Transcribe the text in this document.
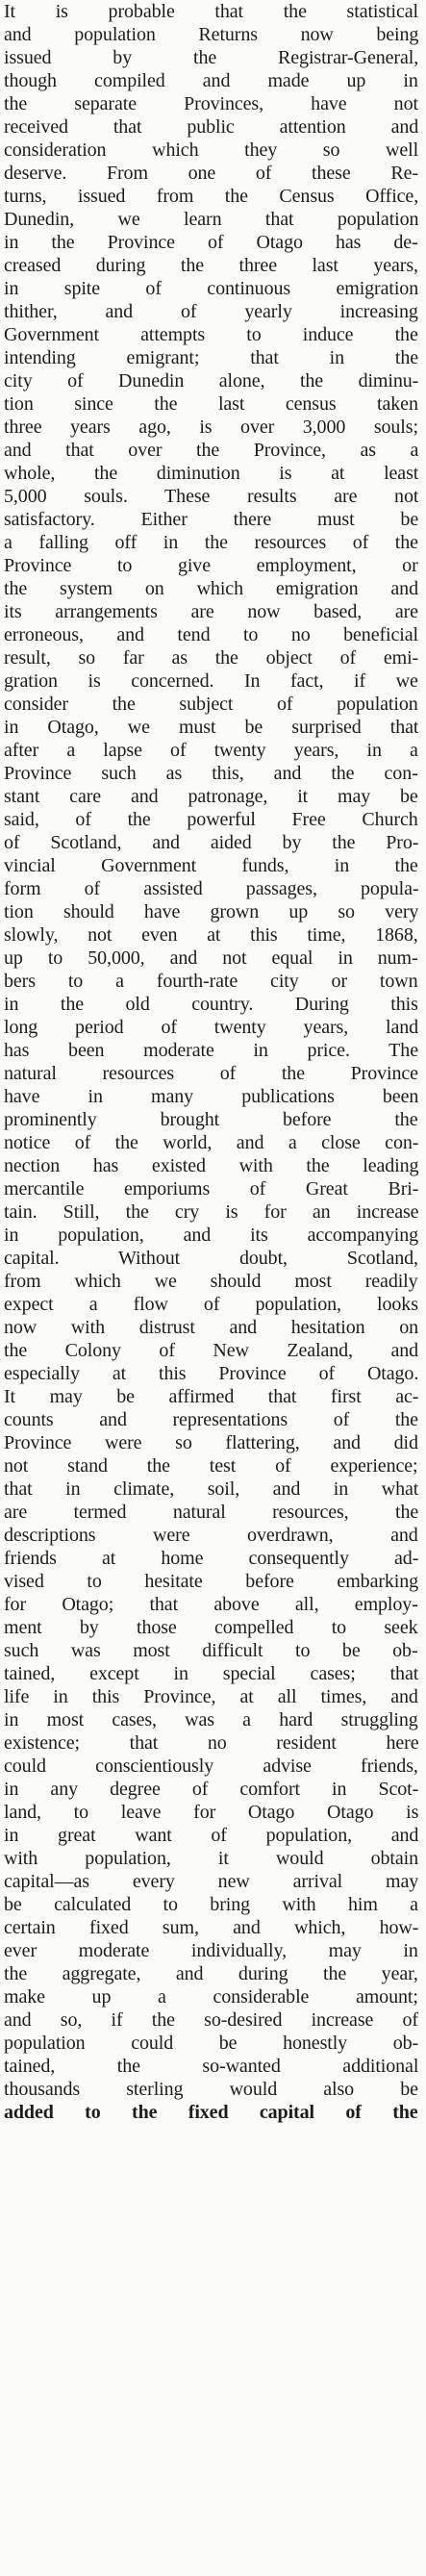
It is probable that the statistical
and population Returns now being
issued by the Registrar-General,
though compiled and made up in
the separate Provinces, have not
received that public attention and
consideration which they so well
deserve. From one of these Re-
turns, issued from the Census Office,
Dunedin, we learn that population
in the Province of Otago has de-
creased during the three last years,
in spite of continuous emigration
thither, and of yearly increasing
Government attempts to induce the
intending emigrant; that in the
city of Dunedin alone, the diminu-
tion since the last census taken
three years ago, is over 3,000 souls;
and that over the Province, as a
whole, the diminution is at least
5,000 souls. These results are not
satisfactory. Either there must be
a falling off in the resources of the
Province to give employment, or
the system on which emigration and
its arrangements are now based, are
erroneous, and tend to no beneficial
result, so far as the object of emi-
gration is concerned. In fact, if we
consider the subject of population
in Otago, we must be surprised that
after a lapse of twenty years, in a
Province such as this, and the con-
stant care and patronage, it may be
said, of the powerful Free Church
of Scotland, and aided by the Pro-
vincial Government funds, in the
form of assisted passages, popula-
tion should have grown up so very
slowly, not even at this time, 1868,
up to 50,000, and not equal in num-
bers to a fourth-rate city or town
in the old country. During this
long period of twenty years, land
has been moderate in price. The
natural resources of the Province
have in many publications been
prominently brought before the
notice of the world, and a close con-
nection has existed with the leading
mercantile emporiums of Great Bri-
tain. Still, the cry is for an increase
in population, and its accompanying
capital. Without doubt, Scotland,
from which we should most readily
expect a flow of population, looks
now with distrust and hesitation on
the Colony of New Zealand, and
especially at this Province of Otago.
It may be affirmed that first ac-
counts and representations of the
Province were so flattering, and did
not stand the test of experience;
that in climate, soil, and in what
are termed natural resources, the
descriptions were overdrawn, and
friends at home consequently ad-
vised to hesitate before embarking
for Otago; that above all, employ-
ment by those compelled to seek
such was most difficult to be ob-
tained, except in special cases; that
life in this Province, at all times, and
in most cases, was a hard struggling
existence; that no resident here
could conscientiously advise friends,
in any degree of comfort in Scot-
land, to leave for Otago Otago is
in great want of population, and
with population, it would obtain
capital—as every new arrival may
be calculated to bring with him a
certain fixed sum, and which, how-
ever moderate individually, may in
the aggregate, and during the year,
make up a considerable amount;
and so, if the so-desired increase of
population could be honestly ob-
tained, the so-wanted additional
thousands sterling would also be
added to the fixed capital of the
